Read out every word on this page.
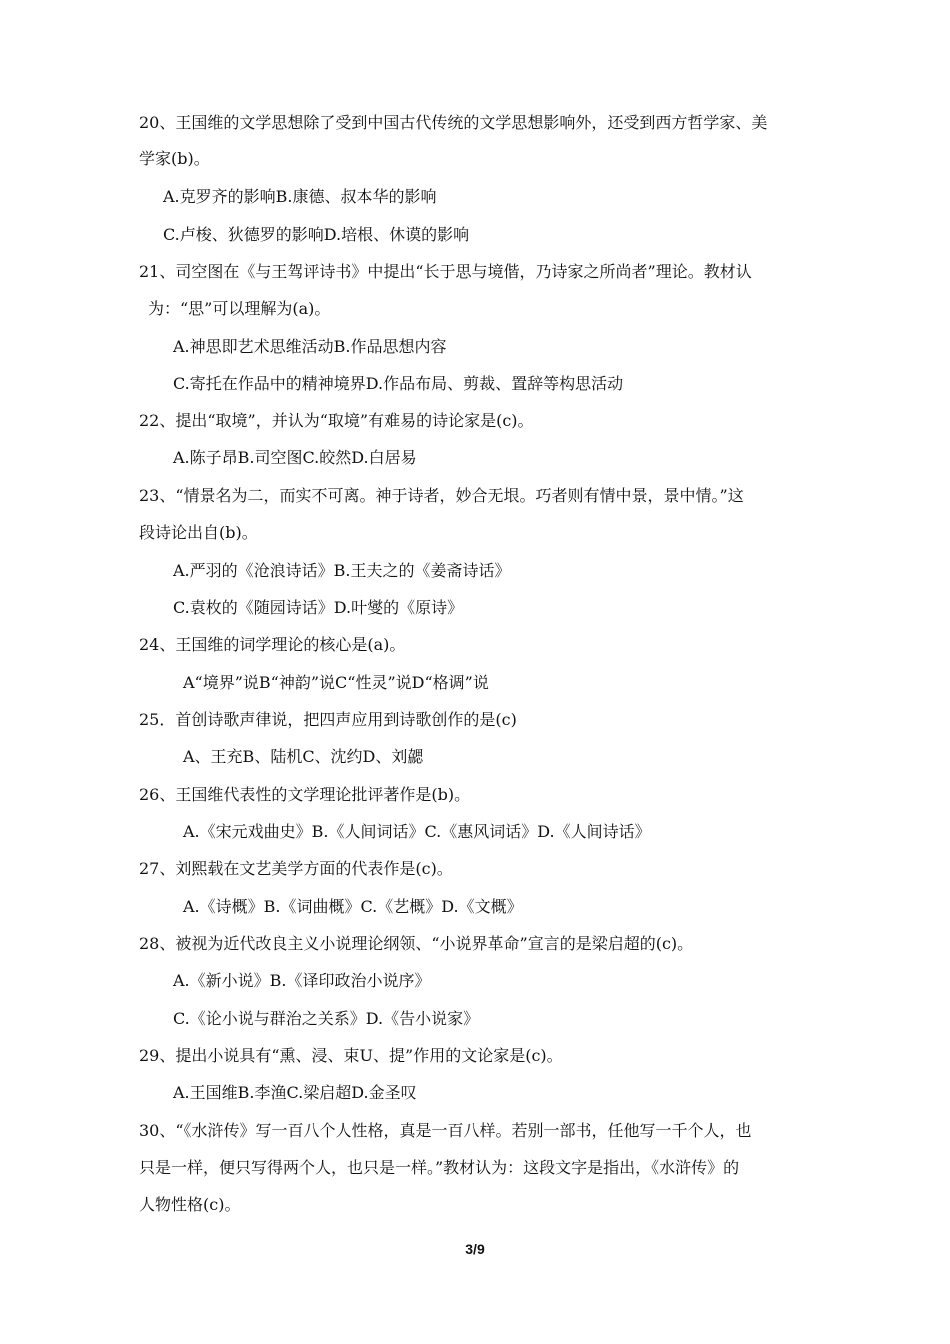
20、王国维的文学思想除了受到中国古代传统的文学思想影响外，还受到西方哲学家、美
学家(b)。
A.克罗齐的影响B.康德、叔本华的影响
C.卢梭、狄德罗的影响D.培根、休谟的影响
21、司空图在《与王驾评诗书》中提出“长于思与境偕，乃诗家之所尚者”理论。教材认
为：“思”可以理解为(a)。
A.神思即艺术思维活动B.作品思想内容
C.寄托在作品中的精神境界D.作品布局、剪裁、置辞等构思活动
22、提出“取境”，并认为“取境”有难易的诗论家是(c)。
A.陈子昂B.司空图C.皎然D.白居易
23、“情景名为二，而实不可离。神于诗者，妙合无垠。巧者则有情中景，景中情。”这
段诗论出自(b)。
A.严羽的《沧浪诗话》B.王夫之的《姜斋诗话》
C.袁枚的《随园诗话》D.叶燮的《原诗》
24、王国维的词学理论的核心是(a)。
A“境界”说B“神韵”说C“性灵”说D“格调”说
25．首创诗歌声律说，把四声应用到诗歌创作的是(c)
A、王充B、陆机C、沈约D、刘勰
26、王国维代表性的文学理论批评著作是(b)。
A.《宋元戏曲史》B.《人间词话》C.《惠风词话》D.《人间诗话》
27、刘熙载在文艺美学方面的代表作是(c)。
A.《诗概》B.《词曲概》C.《艺概》D.《文概》
28、被视为近代改良主义小说理论纲领、“小说界革命”宣言的是梁启超的(c)。
A.《新小说》B.《译印政治小说序》
C.《论小说与群治之关系》D.《告小说家》
29、提出小说具有“熏、浸、束U、提”作用的文论家是(c)。
A.王国维B.李渔C.梁启超D.金圣叹
30、“《水浒传》写一百八个人性格，真是一百八样。若别一部书，任他写一千个人，也
只是一样，便只写得两个人，也只是一样。”教材认为：这段文字是指出，《水浒传》的
人物性格(c)。
3/9
